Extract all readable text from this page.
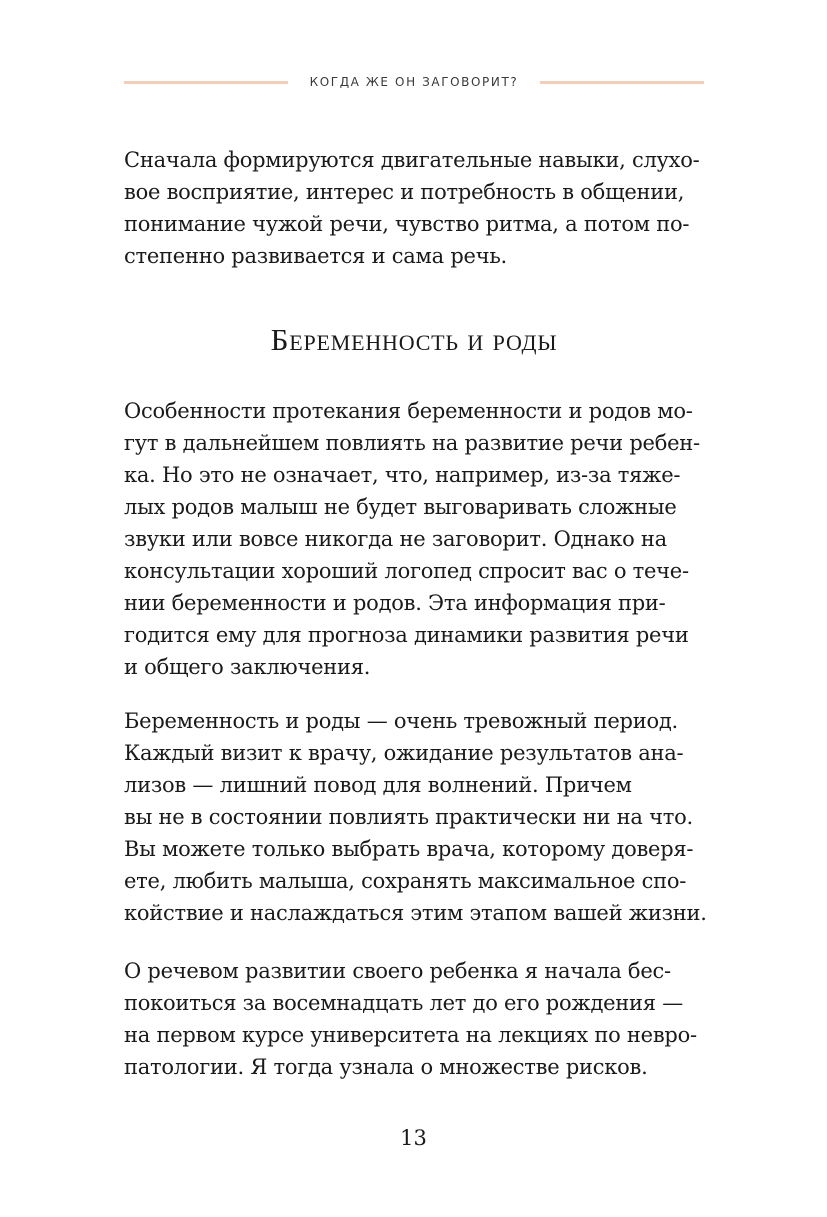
КОГДА ЖЕ ОН ЗАГОВОРИТ?
Сначала формируются двигательные навыки, слухо-
вое восприятие, интерес и потребность в общении,
понимание чужой речи, чувство ритма, а потом по-
степенно развивается и сама речь.
Беременность и роды
Особенности протекания беременности и родов мо-
гут в дальнейшем повлиять на развитие речи ребен-
ка. Но это не означает, что, например, из-за тяже-
лых родов малыш не будет выговаривать сложные
звуки или вовсе никогда не заговорит. Однако на
консультации хороший логопед спросит вас о тече-
нии беременности и родов. Эта информация при-
годится ему для прогноза динамики развития речи
и общего заключения.
Беременность и роды — очень тревожный период.
Каждый визит к врачу, ожидание результатов ана-
лизов — лишний повод для волнений. Причем
вы не в состоянии повлиять практически ни на что.
Вы можете только выбрать врача, которому доверя-
ете, любить малыша, сохранять максимальное спо-
койствие и наслаждаться этим этапом вашей жизни.
О речевом развитии своего ребенка я начала бес-
покоиться за восемнадцать лет до его рождения —
на первом курсе университета на лекциях по невро-
патологии. Я тогда узнала о множестве рисков.
13
